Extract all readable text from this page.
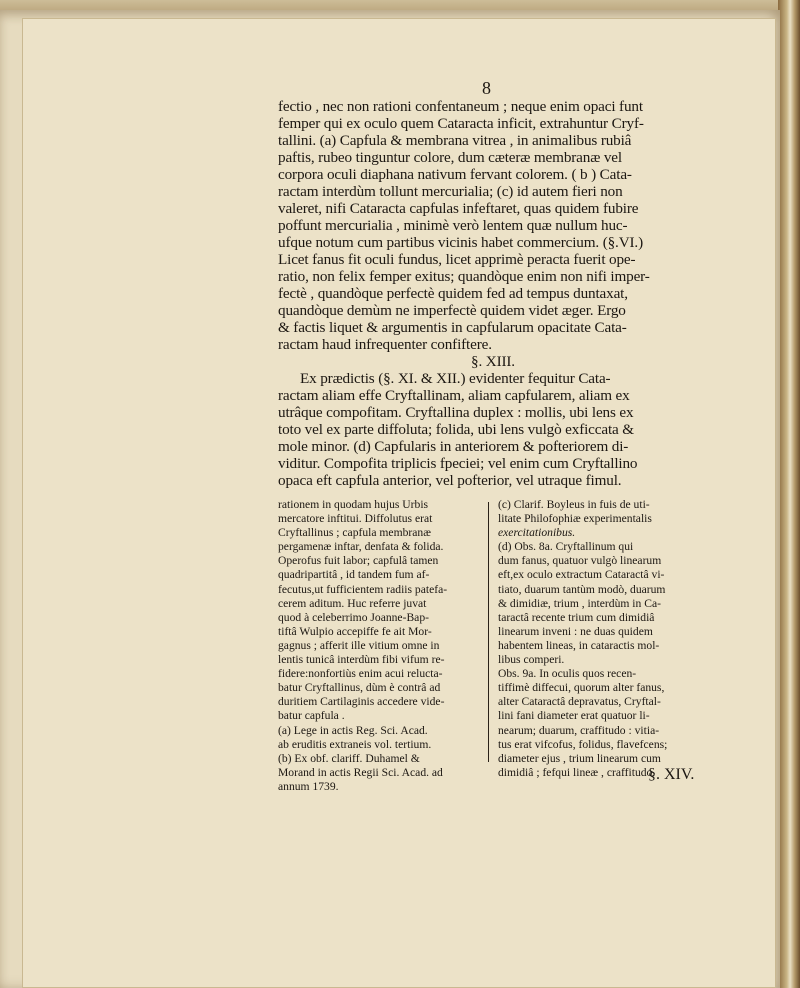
8
fectio , nec non rationi confentaneum ; neque enim opaci funt
femper qui ex oculo quem Cataracta inficit, extrahuntur Cryf-
tallini. (a) Capfula & membrana vitrea , in animalibus rubiâ
paftis, rubeo tinguntur colore, dum cæteræ membranæ vel
corpora oculi diaphana nativum fervant colorem. ( b ) Cata-
ractam interdùm tollunt mercurialia; (c) id autem fieri non
valeret, nifi Cataracta capfulas infeftaret, quas quidem fubire
poffunt mercurialia , minimè verò lentem quæ nullum huc-
ufque notum cum partibus vicinis habet commercium. (§.VI.)
Licet fanus fit oculi fundus, licet apprimè peracta fuerit ope-
ratio, non felix femper exitus; quandòque enim non nifi imper-
fectè , quandòque perfectè quidem fed ad tempus duntaxat,
quandòque demùm ne imperfectè quidem videt æger. Ergo
& factis liquet & argumentis in capfularum opacitate Cata-
ractam haud infrequenter confiftere.
§. XIII.
Ex prædictis (§. XI. & XII.) evidenter fequitur Cata-
ractam aliam effe Cryftallinam, aliam capfularem, aliam ex
utrâque compofitam. Cryftallina duplex : mollis, ubi lens ex
toto vel ex parte diffoluta; folida, ubi lens vulgò exficcata &
mole minor. (d) Capfularis in anteriorem & pofteriorem di-
viditur. Compofita triplicis fpeciei; vel enim cum Cryftallino
opaca eft capfula anterior, vel pofterior, vel utraque fimul.
rationem in quodam hujus Urbis
mercatore inftitui. Diffolutus erat
Cryftallinus ; capfula membranæ
pergamenæ inftar, denfata & folida.
Operofus fuit labor; capfulâ tamen
quadripartitâ , id tandem fum af-
fecutus,ut fufficientem radiis patefa-
cerem aditum. Huc referre juvat
quod à celeberrimo Joanne-Bap-
tiftâ Wulpio accepiffe fe ait Mor-
gagnus ; afferit ille vitium omne in
lentis tunicâ interdùm fibi vifum re-
fidere:nonfortiùs enim acui relucta-
batur Cryftallinus, dùm è contrâ ad
duritiem Cartilaginis accedere vide-
batur capfula .
(a) Lege in actis Reg. Sci. Acad.
ab eruditis extraneis vol. tertium.
(b) Ex obf. clariff. Duhamel &
Morand in actis Regii Sci. Acad. ad
annum 1739.
(c) Clarif. Boyleus in fuis de uti-
litate Philofophiæ experimentalis
exercitationibus.
(d) Obs. 8a. Cryftallinum qui
dum fanus, quatuor vulgò linearum
eft,ex oculo extractum Cataractâ vi-
tiato, duarum tantùm modò, duarum
& dimidiæ, trium , interdùm in Ca-
taractâ recente trium cum dimidiâ
linearum inveni : ne duas quidem
habentem lineas, in cataractis mol-
libus comperi.
Obs. 9a. In oculis quos recen-
tiffimè diffecui, quorum alter fanus,
alter Cataractâ depravatus, Cryftal-
lini fani diameter erat quatuor li-
nearum; duarum, craffitudo : vitia-
tus erat vifcofus, folidus, flavefcens;
diameter ejus , trium linearum cum
dimidiâ ; fefqui lineæ , craffitudo.
§. XIV.
